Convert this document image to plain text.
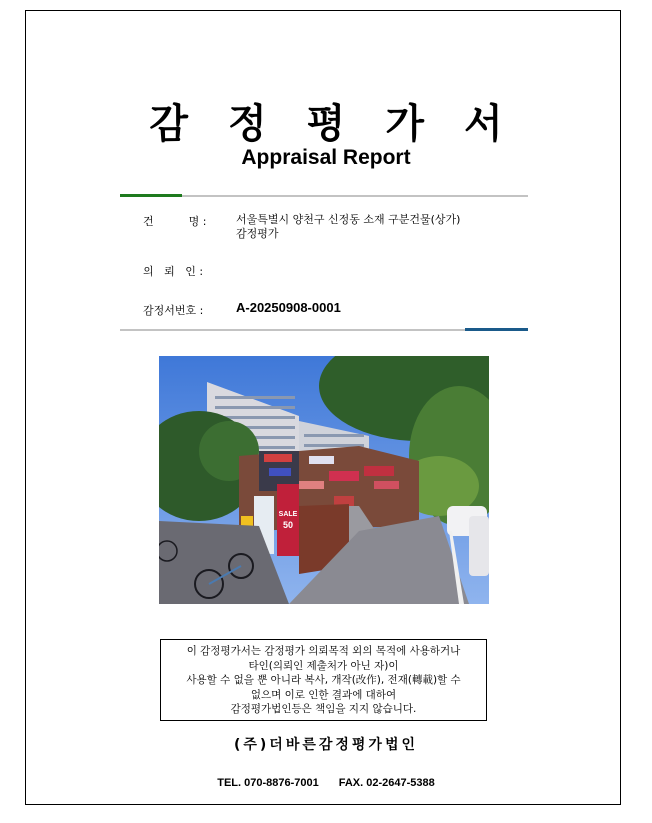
감 정 평 가 서
Appraisal Report
건          명 :	서울특별시 양천구 신정동 소재 구분건물(상가)
감정평가
의   뢰   인 :
감정서번호 :	A-20250908-0001
SALE
50
이 감정평가서는 감정평가 의뢰목적 외의 목적에 사용하거나
타인(의뢰인 제출처가 아닌 자)이
사용할 수 없을 뿐 아니라 복사, 개작(改作), 전재(轉載)할 수
없으며 이로 인한 결과에 대하여
감정평가법인등은 책임을 지지 않습니다.
(주)더바른감정평가법인
TEL. 070-8876-7001 FAX. 02-2647-5388
